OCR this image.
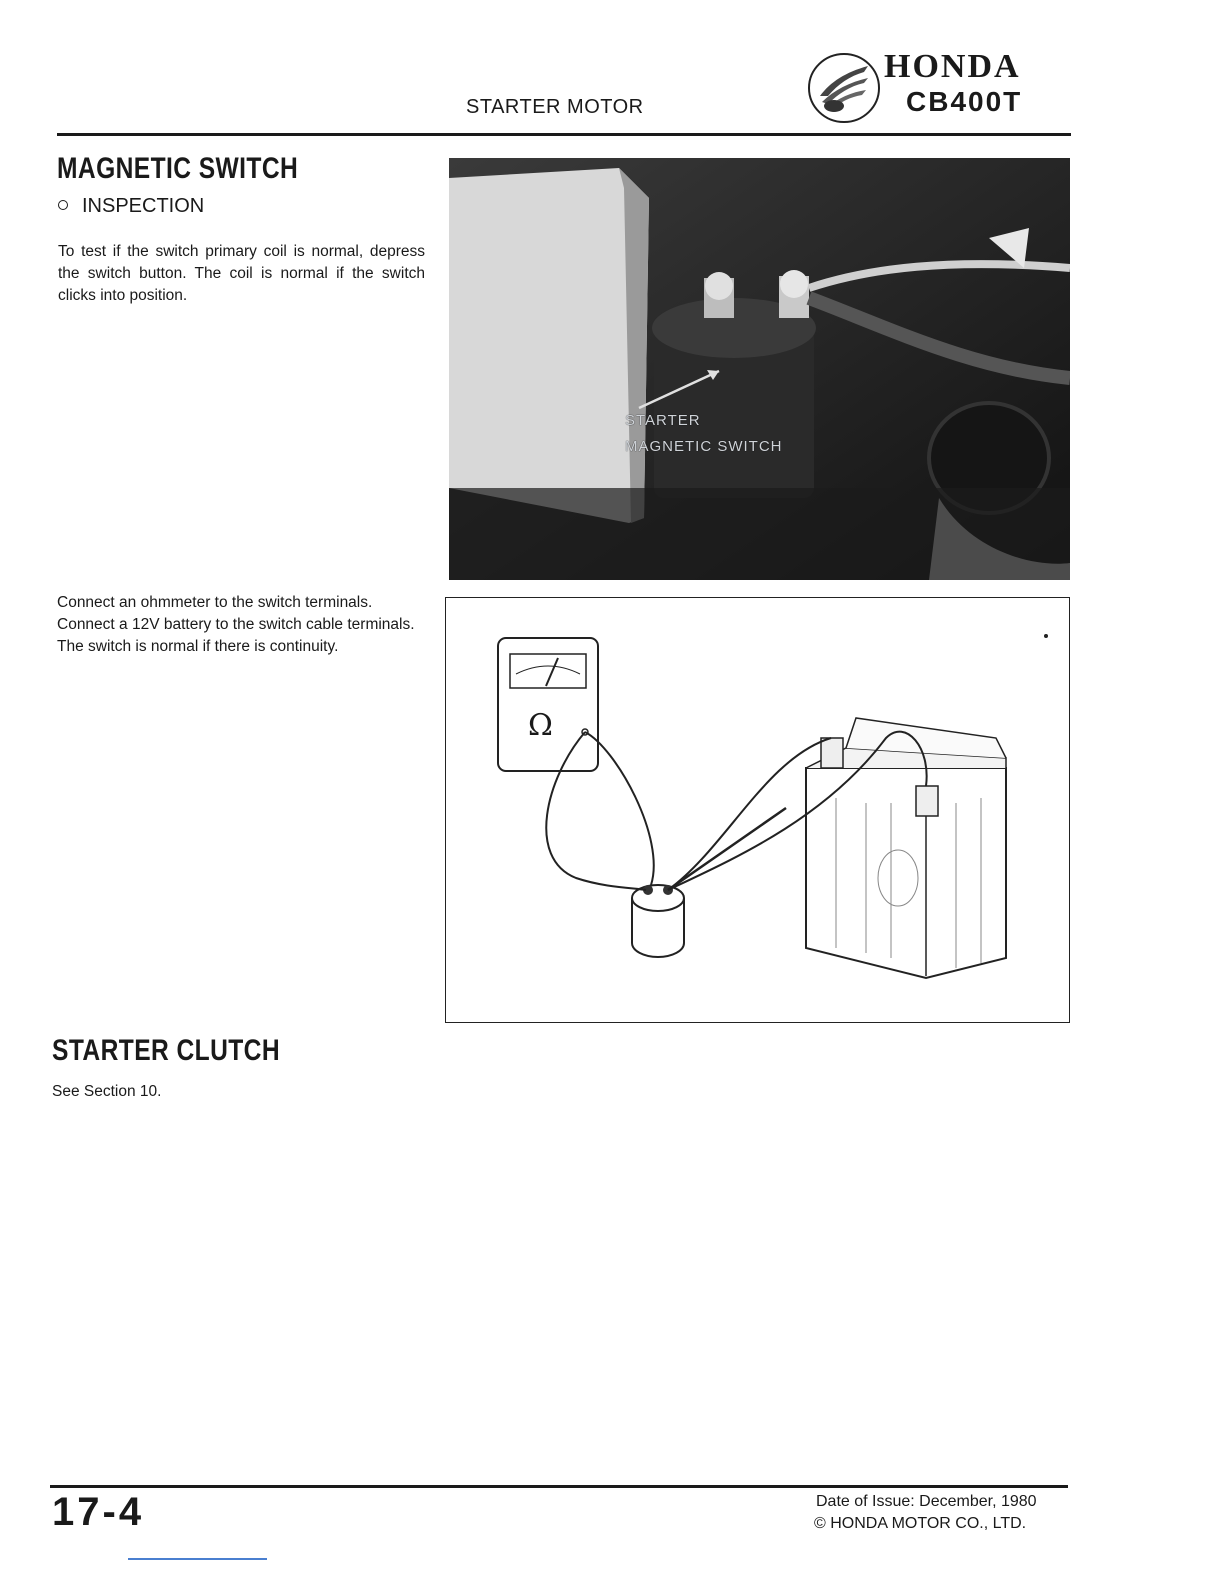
STARTER MOTOR
HONDA
CB400T
MAGNETIC SWITCH
INSPECTION
To test if the switch primary coil is normal, depress the switch button. The coil is normal if the switch clicks into position.
Connect an ohmmeter to the switch terminals.
Connect a 12V battery to the switch cable terminals.
The switch is normal if there is continuity.
STARTER
MAGNETIC SWITCH
Ω
STARTER CLUTCH
See Section 10.
17-4	Date of Issue: December, 1980
© HONDA MOTOR CO., LTD.
